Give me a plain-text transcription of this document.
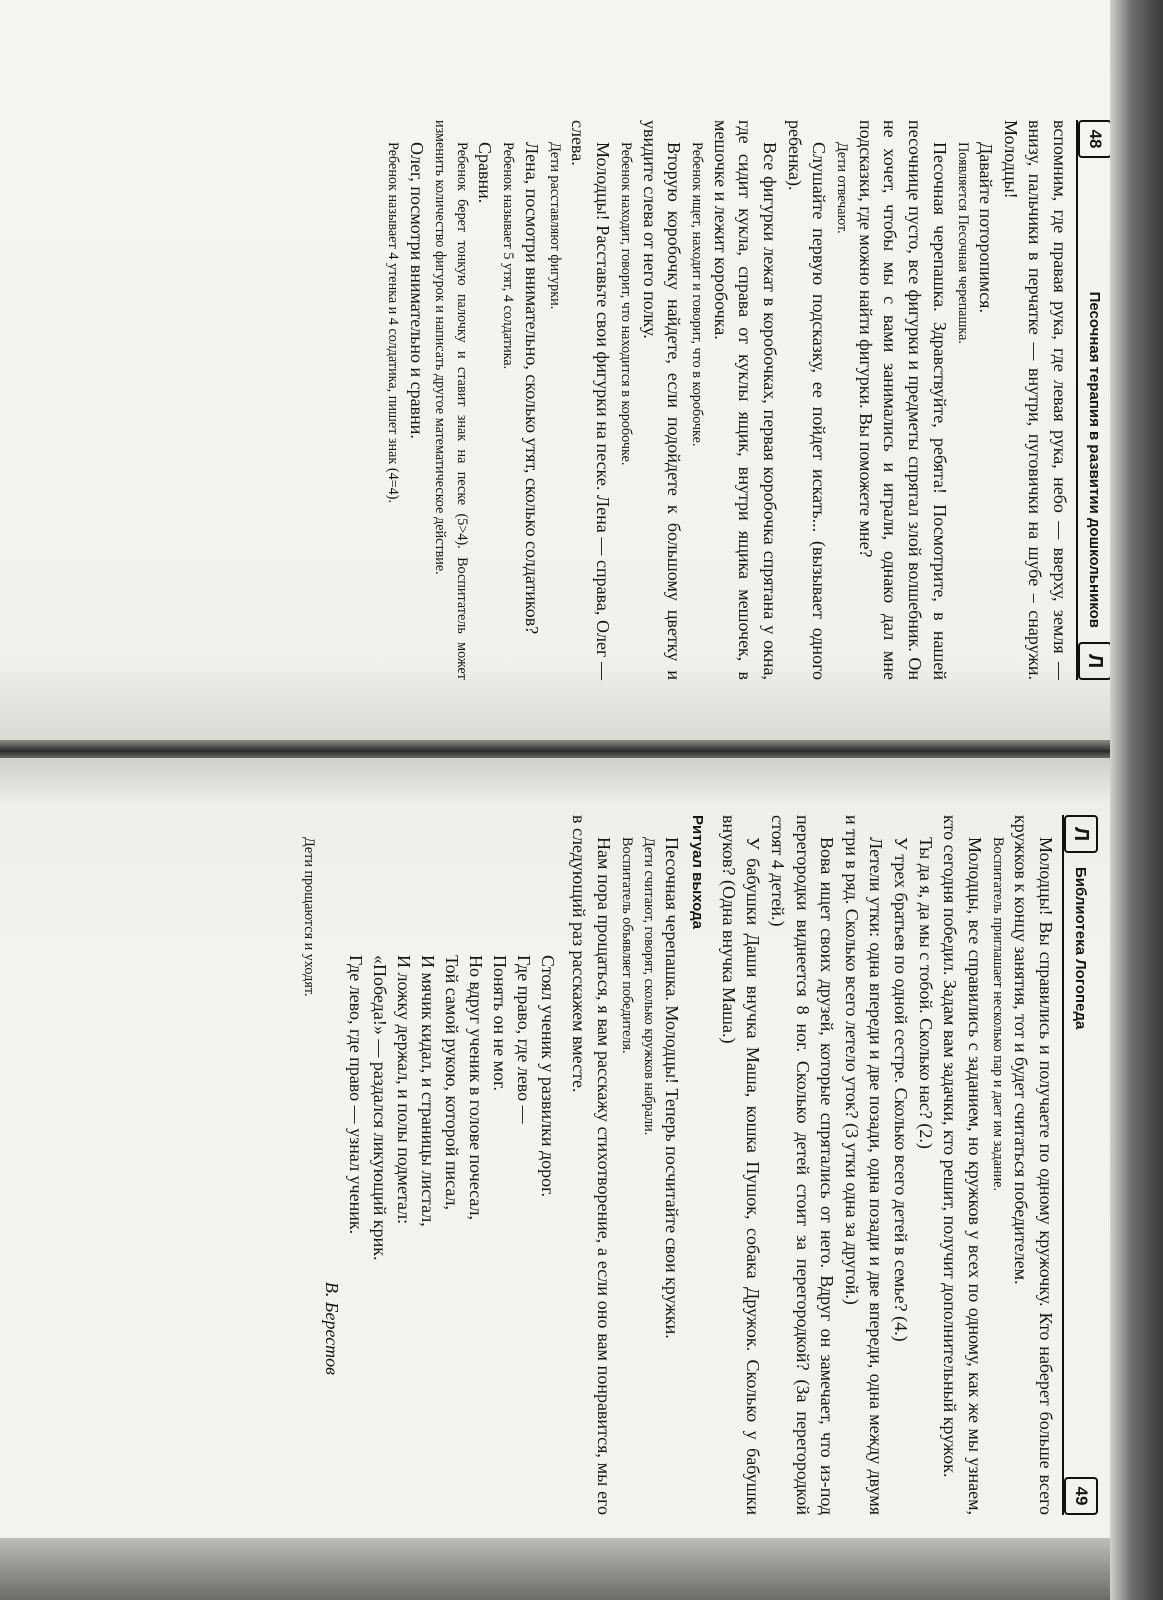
48
Песочная терапия в развитии дошкольников
Л

вспомним, где правая рука, где левая рука, небо — вверху, земля — внизу, пальчики в перчатке — внутри, пуговички на шубе – снаружи. Молодцы!

Давайте поторопимся.

Появляется Песочная черепашка.

Песочная черепашка. Здравствуйте, ребята! Посмотрите, в нашей песочнице пусто, все фигурки и предметы спрятал злой волшебник. Он не хочет, чтобы мы с вами занимались и играли, однако дал мне подсказки, где можно найти фигурки. Вы поможете мне?

Дети отвечают.

Слушайте первую подсказку, ее пойдет искать... (вызывает одного ребенка).

Все фигурки лежат в коробочках, первая коробочка спрятана у окна, где сидит кукла, справа от куклы ящик, внутри ящика мешочек, в мешочке и лежит коробочка.

Ребенок ищет, находит и говорит, что в коробочке.

Вторую коробочку найдете, если подойдете к большому цветку и увидите слева от него полку.

Ребенок находит, говорит, что находится в коробочке.

Молодцы! Расставьте свои фигурки на песке. Лена — справа, Олег — слева.

Дети расставляют фигурки.

Лена, посмотри внимательно, сколько утят, сколько солдатиков?

Ребенок называет 5 утят, 4 солдатика.

Сравни.

Ребенок берет тонкую палочку и ставит знак на песке (5>4). Воспитатель может изменить количество фигурок и написать другое математическое действие.

Олег, посмотри внимательно и сравни.

Ребенок называет 4 утенка и 4 солдатика, пишет знак (4=4).

Л
Библиотека Логопеда
49

Молодцы! Вы справились и получаете по одному кружочку. Кто наберет больше всего кружков к концу занятия, тот и будет считаться победителем.

Воспитатель приглашает несколько пар и дает им задание.

Молодцы, все справились с заданием, но кружков у всех по одному, как же мы узнаем, кто сегодня победил. Задам вам задачки, кто решит, получит дополнительный кружок.

Ты да я, да мы с тобой. Сколько нас? (2.)

У трех братьев по одной сестре. Сколько всего детей в семье? (4.)

Летели утки: одна впереди и две позади, одна позади и две впереди, одна между двумя и три в ряд. Сколько всего летело уток? (3 утки одна за другой.)

Вова ищет своих друзей, которые спрятались от него. Вдруг он замечает, что из-под перегородки виднеется 8 ног. Сколько детей стоит за перегородкой? (За перегородкой стоят 4 детей.)

У бабушки Даши внучка Маша, кошка Пушок, собака Дружок. Сколько у бабушки внуков? (Одна внучка Маша.)

Ритуал выхода

Песочная черепашка. Молодцы! Теперь посчитайте свои кружки.

Дети считают, говорят, сколько кружков набрали.

Воспитатель объявляет победителя.

Нам пора прощаться, я вам расскажу стихотворение, а если оно вам понравится, мы его в следующий раз расскажем вместе.

Стоял ученик у развилки дорог.

Где право, где лево —

Понять он не мог.

Но вдруг ученик в голове почесал,

Той самой рукою, которой писал,

И мячик кидал, и страницы листал,

И ложку держал, и полы подметал:

«Победа!» — раздался ликующий крик.

Где лево, где право — узнал ученик.

В. Берестов

Дети прощаются и уходят.
